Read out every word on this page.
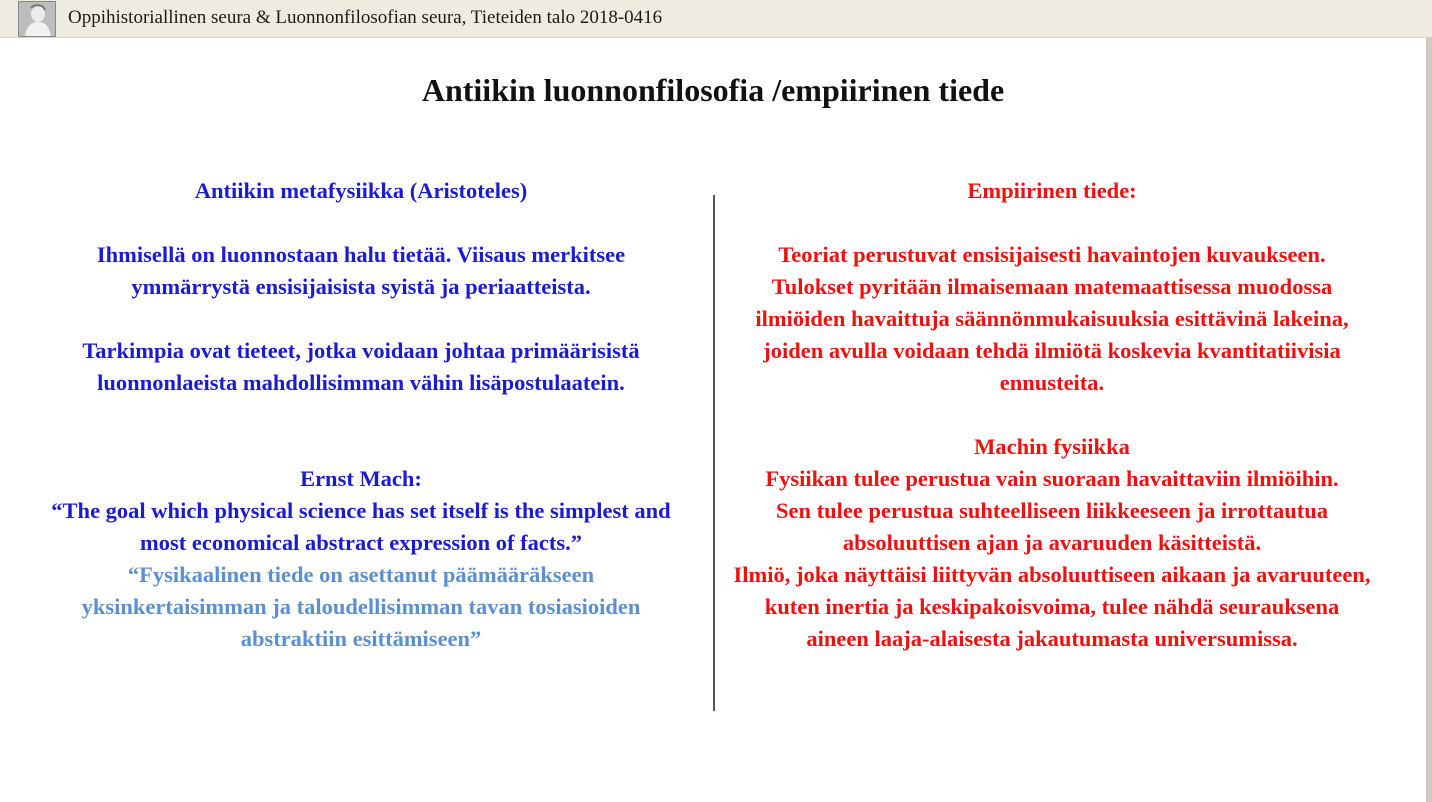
Oppihistoriallinen seura & Luonnonfilosofian seura, Tieteiden talo 2018-0416
Antiikin luonnonfilosofia /empiirinen tiede

Antiikin metafysiikka (Aristoteles)

Ihmisellä on luonnostaan halu tietää. Viisaus merkitsee ymmärrystä ensisijaisista syistä ja periaatteista.

Tarkimpia ovat tieteet, jotka voidaan johtaa primäärisistä luonnonlaeista mahdollisimman vähin lisäpostulaatein.

Ernst Mach:

“The goal which physical science has set itself is the simplest and most economical abstract expression of facts.”

“Fysikaalinen tiede on asettanut päämääräkseen yksinkertaisimman ja taloudellisimman tavan tosiasioiden abstraktiin esittämiseen”

Empiirinen tiede:

Teoriat perustuvat ensisijaisesti havaintojen kuvaukseen.

Tulokset pyritään ilmaisemaan matemaattisessa muodossa ilmiöiden havaittuja säännönmukaisuuksia esittävinä lakeina, joiden avulla voidaan tehdä ilmiötä koskevia kvantitatiivisia ennusteita.

Machin fysiikka

Fysiikan tulee perustua vain suoraan havaittaviin ilmiöihin.

Sen tulee perustua suhteelliseen liikkeeseen ja irrottautua absoluuttisen ajan ja avaruuden käsitteistä.

Ilmiö, joka näyttäisi liittyvän absoluuttiseen aikaan ja avaruuteen, kuten inertia ja keskipakoisvoima, tulee nähdä seurauksena aineen laaja-alaisesta jakautumasta universumissa.
